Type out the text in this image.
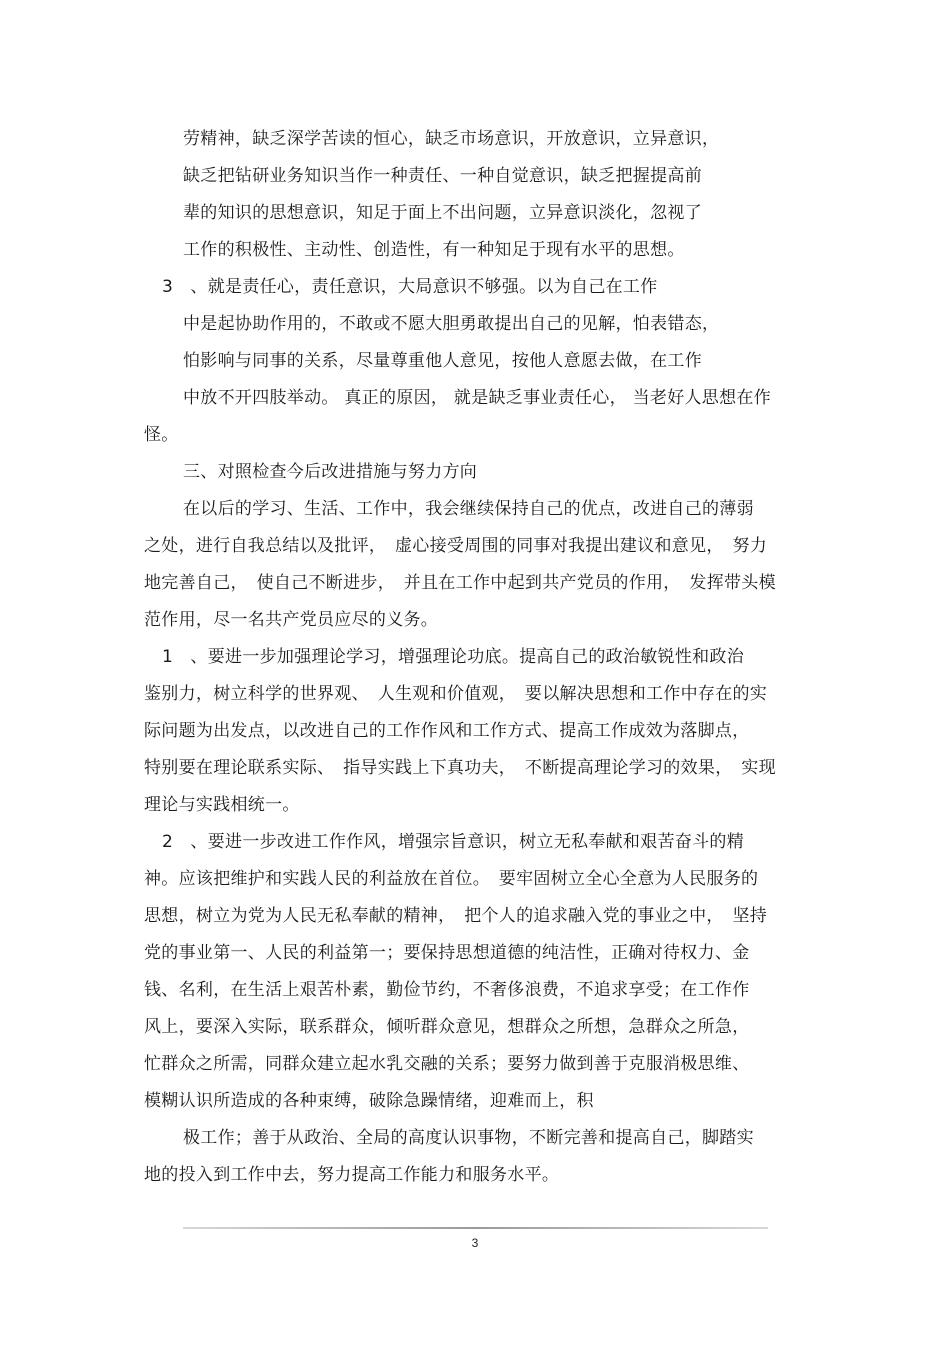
劳精神，缺乏深学苦读的恒心，缺乏市场意识，开放意识，立异意识，
缺乏把钻研业务知识当作一种责任、一种自觉意识，缺乏把握提高前
辈的知识的思想意识，知足于面上不出问题，立异意识淡化，忽视了
工作的积极性、主动性、创造性，有一种知足于现有水平的思想。
3　、就是责任心，责任意识，大局意识不够强。以为自己在工作
中是起协助作用的，不敢或不愿大胆勇敢提出自己的见解，怕表错态，
怕影响与同事的关系，尽量尊重他人意见，按他人意愿去做，在工作
中放不开四肢举动。 真正的原因， 就是缺乏事业责任心， 当老好人思想在作
怪。
三、对照检查今后改进措施与努力方向
在以后的学习、生活、工作中，我会继续保持自己的优点，改进自己的薄弱
之处，进行自我总结以及批评，　虚心接受周围的同事对我提出建议和意见，　努力
地完善自己，　使自己不断进步，　并且在工作中起到共产党员的作用，　发挥带头模
范作用，尽一名共产党员应尽的义务。
1　、要进一步加强理论学习，增强理论功底。提高自己的政治敏锐性和政治
鉴别力，树立科学的世界观、　人生观和价值观，　要以解决思想和工作中存在的实
际问题为出发点，以改进自己的工作作风和工作方式、提高工作成效为落脚点，
特别要在理论联系实际、　指导实践上下真功夫，　不断提高理论学习的效果，　实现
理论与实践相统一。
2　、要进一步改进工作作风，增强宗旨意识，树立无私奉献和艰苦奋斗的精
神。应该把维护和实践人民的利益放在首位。　要牢固树立全心全意为人民服务的
思想，树立为党为人民无私奉献的精神，　把个人的追求融入党的事业之中，　坚持
党的事业第一、人民的利益第一；要保持思想道德的纯洁性，正确对待权力、金
钱、名利，在生活上艰苦朴素，勤俭节约，不奢侈浪费，不追求享受；在工作作
风上，要深入实际，联系群众，倾听群众意见，想群众之所想，急群众之所急，
忙群众之所需，同群众建立起水乳交融的关系；要努力做到善于克服消极思维、
模糊认识所造成的各种束缚，破除急躁情绪，迎难而上，积
极工作；善于从政治、全局的高度认识事物，不断完善和提高自己，脚踏实
地的投入到工作中去，努力提高工作能力和服务水平。
3
